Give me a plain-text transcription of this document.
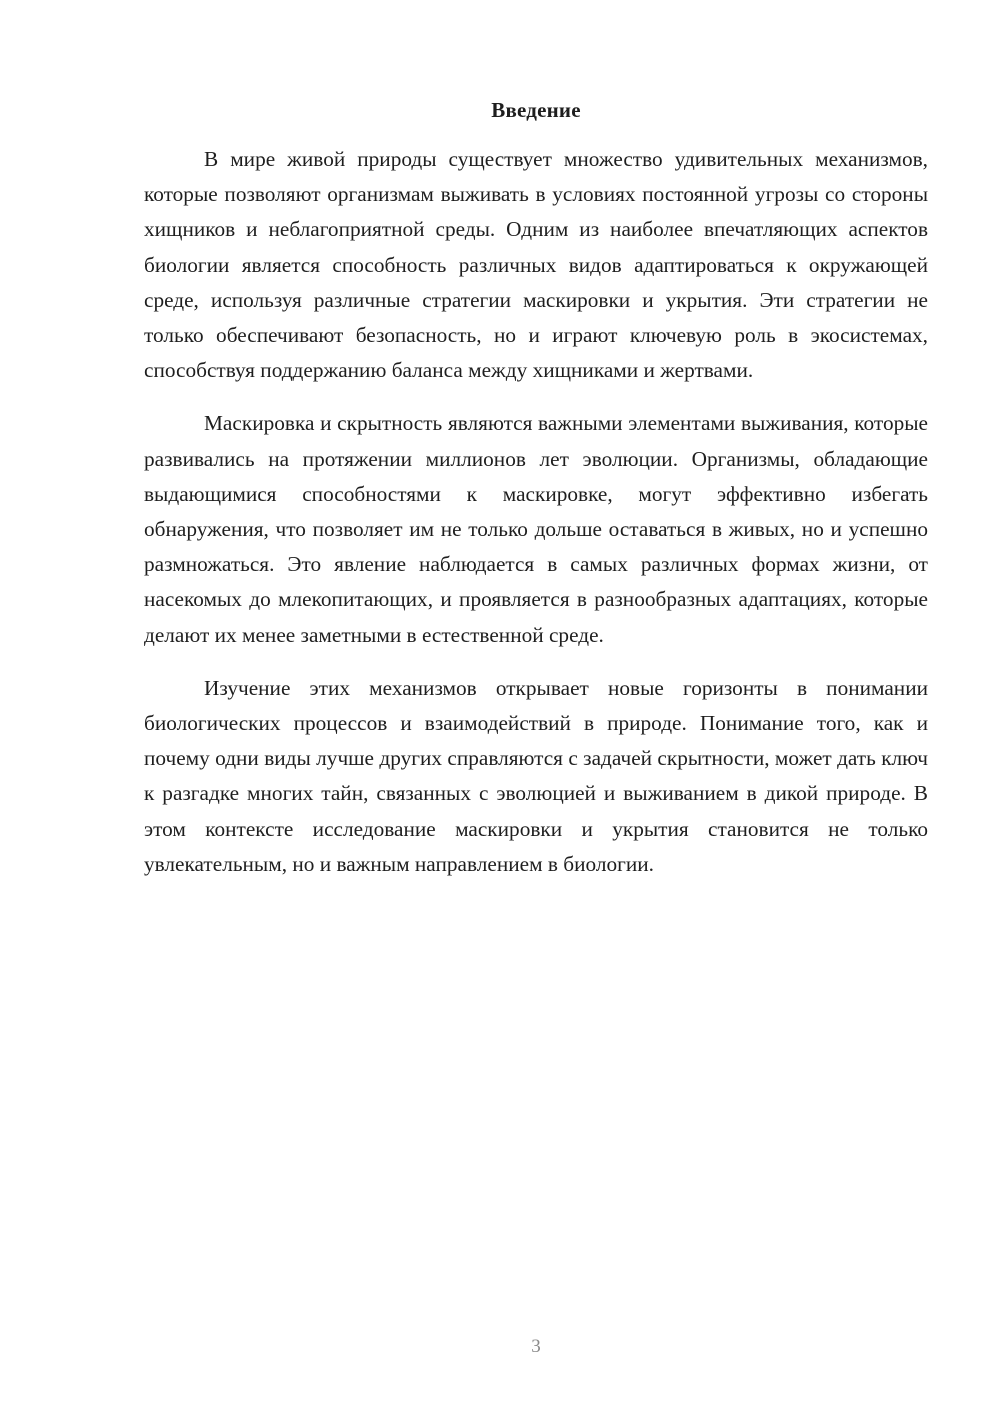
Введение

В мире живой природы существует множество удивительных механизмов, которые позволяют организмам выживать в условиях постоянной угрозы со стороны хищников и неблагоприятной среды. Одним из наиболее впечатляющих аспектов биологии является способность различных видов адаптироваться к окружающей среде, используя различные стратегии маскировки и укрытия. Эти стратегии не только обеспечивают безопасность, но и играют ключевую роль в экосистемах, способствуя поддержанию баланса между хищниками и жертвами.

Маскировка и скрытность являются важными элементами выживания, которые развивались на протяжении миллионов лет эволюции. Организмы, обладающие выдающимися способностями к маскировке, могут эффективно избегать обнаружения, что позволяет им не только дольше оставаться в живых, но и успешно размножаться. Это явление наблюдается в самых различных формах жизни, от насекомых до млекопитающих, и проявляется в разнообразных адаптациях, которые делают их менее заметными в естественной среде.

Изучение этих механизмов открывает новые горизонты в понимании биологических процессов и взаимодействий в природе. Понимание того, как и почему одни виды лучше других справляются с задачей скрытности, может дать ключ к разгадке многих тайн, связанных с эволюцией и выживанием в дикой природе. В этом контексте исследование маскировки и укрытия становится не только увлекательным, но и важным направлением в биологии.

3
